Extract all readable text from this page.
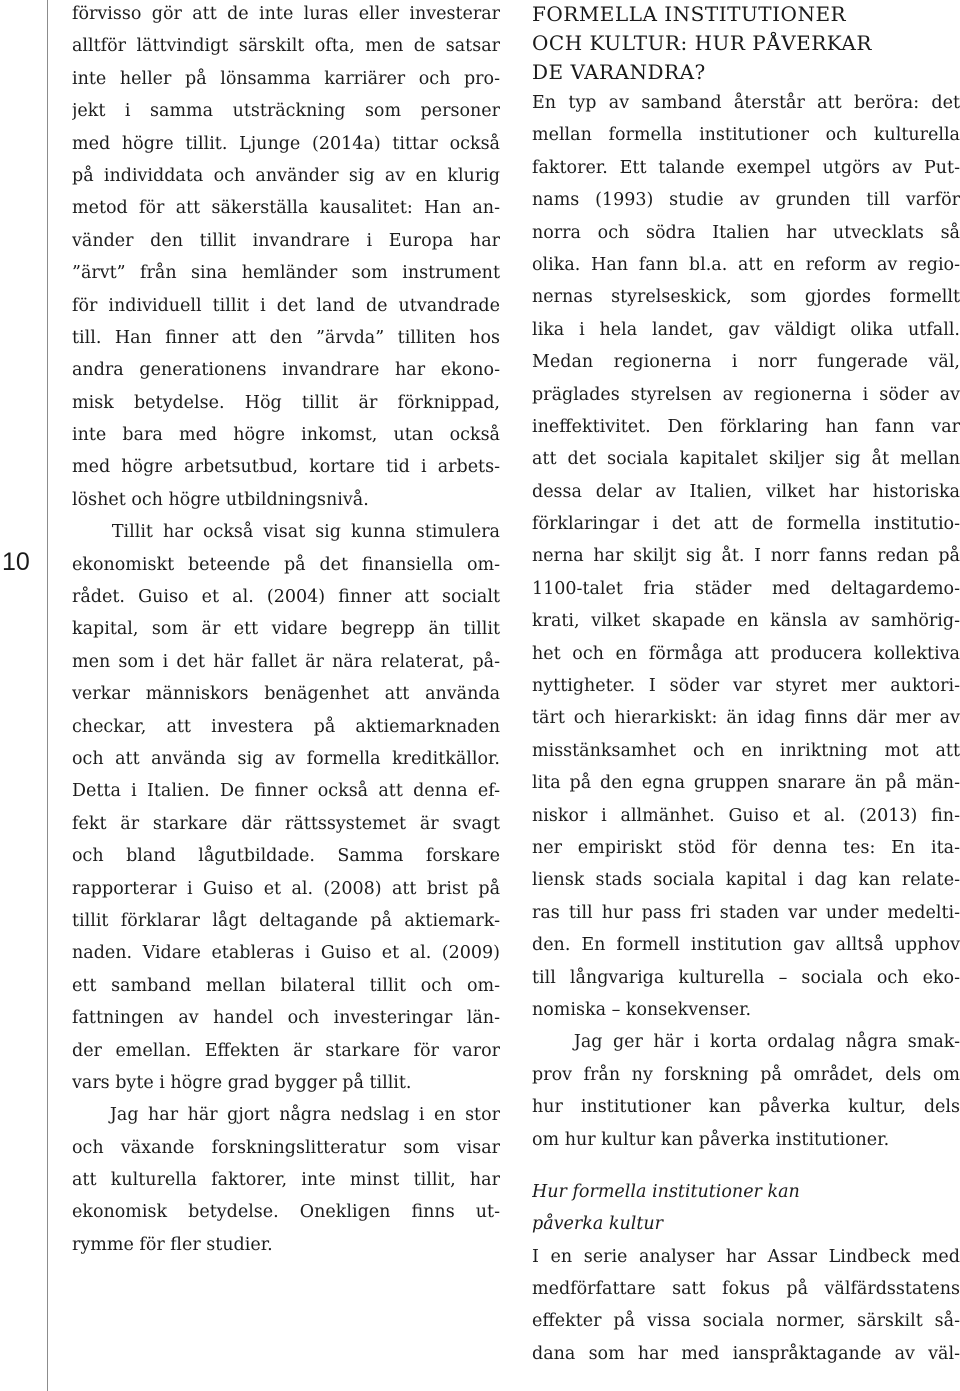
10
förvisso gör att de inte luras eller investerar
alltför lättvindigt särskilt ofta, men de satsar
inte heller på lönsamma karriärer och pro-
jekt i samma utsträckning som personer
med högre tillit. Ljunge (2014a) tittar också
på individdata och använder sig av en klurig
metod för att säkerställa kausalitet: Han an-
vänder den tillit invandrare i Europa har
”ärvt” från sina hemländer som instrument
för individuell tillit i det land de utvandrade
till. Han finner att den ”ärvda” tilliten hos
andra generationens invandrare har ekono-
misk betydelse. Hög tillit är förknippad,
inte bara med högre inkomst, utan också
med högre arbetsutbud, kortare tid i arbets-
löshet och högre utbildningsnivå.
Tillit har också visat sig kunna stimulera
ekonomiskt beteende på det finansiella om-
rådet. Guiso et al. (2004) finner att socialt
kapital, som är ett vidare begrepp än tillit
men som i det här fallet är nära relaterat, på-
verkar människors benägenhet att använda
checkar, att investera på aktiemarknaden
och att använda sig av formella kreditkällor.
Detta i Italien. De finner också att denna ef-
fekt är starkare där rättssystemet är svagt
och bland lågutbildade. Samma forskare
rapporterar i Guiso et al. (2008) att brist på
tillit förklarar lågt deltagande på aktiemark-
naden. Vidare etableras i Guiso et al. (2009)
ett samband mellan bilateral tillit och om-
fattningen av handel och investeringar län-
der emellan. Effekten är starkare för varor
vars byte i högre grad bygger på tillit.
Jag har här gjort några nedslag i en stor
och växande forskningslitteratur som visar
att kulturella faktorer, inte minst tillit, har
ekonomisk betydelse. Onekligen finns ut-
rymme för fler studier.
FORMELLA INSTITUTIONER
OCH KULTUR: HUR PÅVERKAR
DE VARANDRA?
En typ av samband återstår att beröra: det
mellan formella institutioner och kulturella
faktorer. Ett talande exempel utgörs av Put-
nams (1993) studie av grunden till varför
norra och södra Italien har utvecklats så
olika. Han fann bl.a. att en reform av regio-
nernas styrelseskick, som gjordes formellt
lika i hela landet, gav väldigt olika utfall.
Medan regionerna i norr fungerade väl,
präglades styrelsen av regionerna i söder av
ineffektivitet. Den förklaring han fann var
att det sociala kapitalet skiljer sig åt mellan
dessa delar av Italien, vilket har historiska
förklaringar i det att de formella institutio-
nerna har skiljt sig åt. I norr fanns redan på
1100-talet fria städer med deltagardemo-
krati, vilket skapade en känsla av samhörig-
het och en förmåga att producera kollektiva
nyttigheter. I söder var styret mer auktori-
tärt och hierarkiskt: än idag finns där mer av
misstänksamhet och en inriktning mot att
lita på den egna gruppen snarare än på män-
niskor i allmänhet. Guiso et al. (2013) fin-
ner empiriskt stöd för denna tes: En ita-
liensk stads sociala kapital i dag kan relate-
ras till hur pass fri staden var under medelti-
den. En formell institution gav alltså upphov
till långvariga kulturella – sociala och eko-
nomiska – konsekvenser.
Jag ger här i korta ordalag några smak-
prov från ny forskning på området, dels om
hur institutioner kan påverka kultur, dels
om hur kultur kan påverka institutioner.
Hur formella institutioner kan
påverka kultur
I en serie analyser har Assar Lindbeck med
medförfattare satt fokus på välfärdsstatens
effekter på vissa sociala normer, särskilt så-
dana som har med ianspråktagande av väl-
